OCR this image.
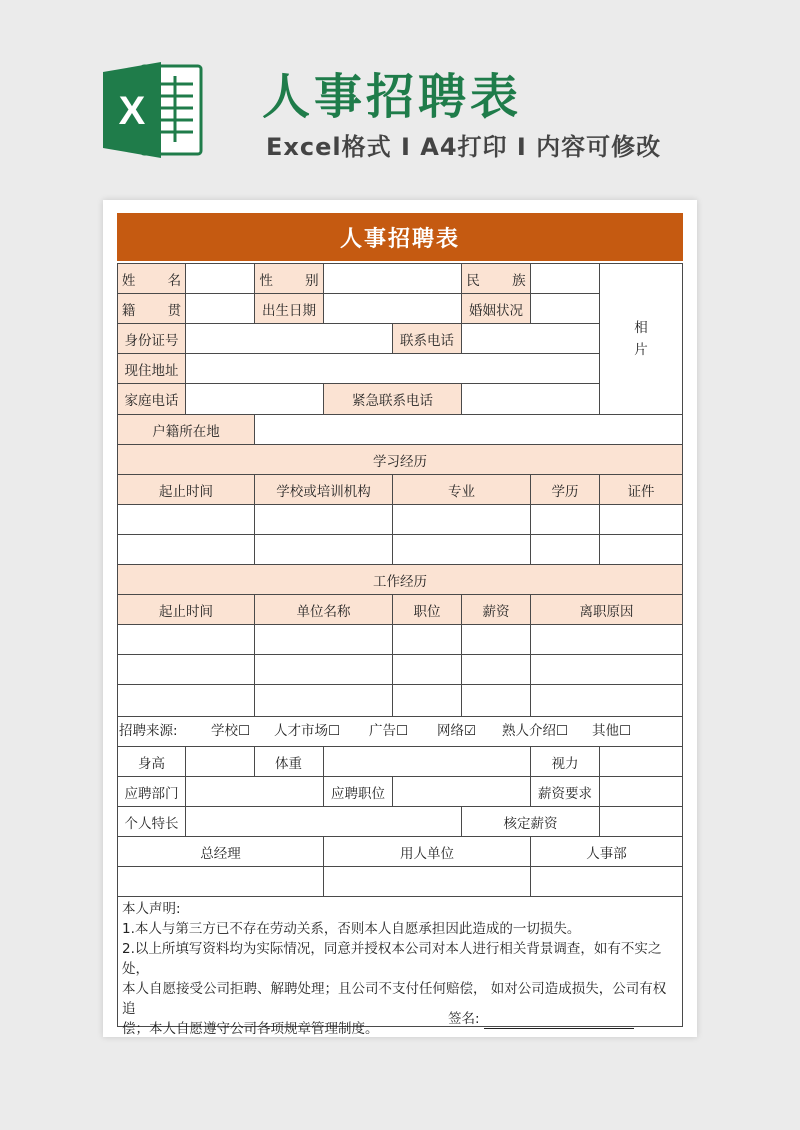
X 人事招聘表
Excel格式 I A4打印 I 内容可修改
人事招聘表
姓 名	性 别	民 族
相
片
籍 贯	出生日期	婚姻状况
身份证号	联系电话
现住地址
家庭电话	紧急联系电话
户籍所在地
学习经历
起止时间	学校或培训机构	专业	学历	证件
工作经历
起止时间	单位名称	职位	薪资	离职原因
招聘来源: 学校☐ 人才市场☐ 广告☐ 网络☑ 熟人介绍☐ 其他☐
身高	体重	视力
应聘部门	应聘职位	薪资要求
个人特长	核定薪资
总经理	用人单位	人事部

本人声明:

1.本人与第三方已不存在劳动关系，否则本人自愿承担因此造成的一切损失。

2.以上所填写资料均为实际情况，同意并授权本公司对本人进行相关背景调查，如有不实之处，

本人自愿接受公司拒聘、解聘处理；且公司不支付任何赔偿， 如对公司造成损失，公司有权追

偿；本人自愿遵守公司各项规章管理制度。

签名:
